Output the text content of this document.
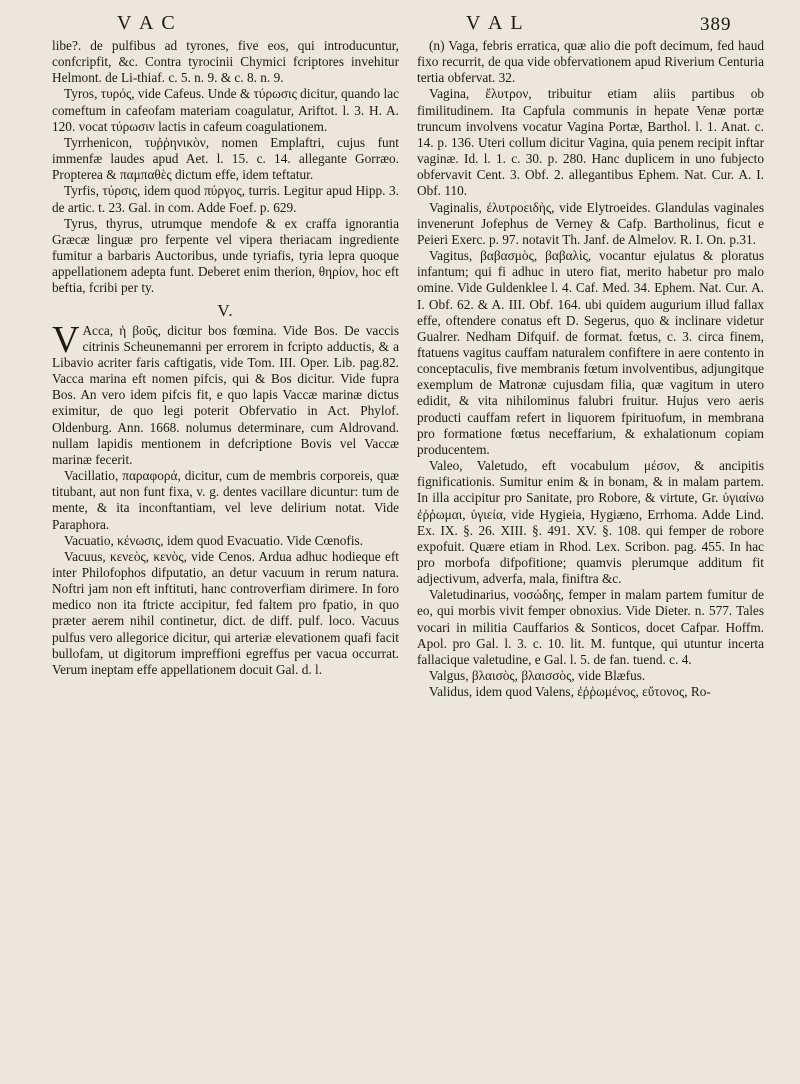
V A C	V A L	389

libe?. de pulfibus ad tyrones, five eos, qui introducuntur, confcripfit, &c. Contra tyrocinii Chymici fcriptores invehitur Helmont. de Li-thiaf. c. 5. n. 9. & c. 8. n. 9.

Tyros, τυρός, vide Cafeus. Unde & τύρωσις dicitur, quando lac comeftum in cafeofam materiam coagulatur, Ariftot. l. 3. H. A. 120. vocat τύρωσιν lactis in cafeum coagulationem.

Tyrrhenicon, τυῤῥηνικὸν, nomen Emplaftri, cujus funt immenfæ laudes apud Aet. l. 15. c. 14. allegante Gorræo. Propterea & παμπαθὲς dictum effe, idem teftatur.

Tyrfis, τύρσις, idem quod πύργος, turris. Legitur apud Hipp. 3. de artic. t. 23. Gal. in com. Adde Foef. p. 629.

Tyrus, thyrus, utrumque mendofe & ex craffa ignorantia Græcæ linguæ pro ferpente vel vipera theriacam ingrediente fumitur a barbaris Auctoribus, unde tyriafis, tyria lepra quoque appellationem adepta funt. Deberet enim therion, θηρίον, hoc eft beftia, fcribi per ty.

V.

V Acca, ἡ βοῦς, dicitur bos fœmina. Vide Bos. De vaccis citrinis Scheunemanni per errorem in fcripto adductis, & a Libavio acriter faris caftigatis, vide Tom. III. Oper. Lib. pag.82. Vacca marina eft nomen pifcis, qui & Bos dicitur. Vide fupra Bos. An vero idem pifcis fit, e quo lapis Vaccæ marinæ dictus eximitur, de quo legi poterit Obfervatio in Act. Phylof. Oldenburg. Ann. 1668. nolumus determinare, cum Aldrovand. nullam lapidis mentionem in defcriptione Bovis vel Vaccæ marinæ fecerit.

Vacillatio, παραφορά, dicitur, cum de membris corporeis, quæ titubant, aut non funt fixa, v. g. dentes vacillare dicuntur: tum de mente, & ita inconftantiam, vel leve delirium notat. Vide Paraphora.

Vacuatio, κένωσις, idem quod Evacuatio. Vide Cœnofis.

Vacuus, κενεὸς, κενὸς, vide Cenos. Ardua adhuc hodieque eft inter Philofophos difputatio, an detur vacuum in rerum natura. Noftri jam non eft inftituti, hanc controverfiam dirimere. In foro medico non ita ftricte accipitur, fed faltem pro fpatio, in quo præter aerem nihil continetur, dict. de diff. pulf. loco. Vacuus pulfus vero allegorice dicitur, qui arteriæ elevationem quafi facit bullofam, ut digitorum impreffioni egreffus per vacua occurrat. Verum ineptam effe appellationem docuit Gal. d. l.

(n) Vaga, febris erratica, quæ alio die poft decimum, fed haud fixo recurrit, de qua vide obfervationem apud Riverium Centuria tertia obfervat. 32.

Vagina, ἔλυτρον, tribuitur etiam aliis partibus ob fimilitudinem. Ita Capfula communis in hepate Venæ portæ truncum involvens vocatur Vagina Portæ, Barthol. l. 1. Anat. c. 14. p. 136. Uteri collum dicitur Vagina, quia penem recipit inftar vaginæ. Id. l. 1. c. 30. p. 280. Hanc duplicem in uno fubjecto obfervavit Cent. 3. Obf. 2. allegantibus Ephem. Nat. Cur. A. I. Obf. 110.

Vaginalis, ἐλυτροειδὴς, vide Elytroeides. Glandulas vaginales invenerunt Jofephus de Verney & Cafp. Bartholinus, ficut e Peieri Exerc. p. 97. notavit Th. Janf. de Almelov. R. I. On. p.31.

Vagitus, βαβασμὸς, βαβαλὶς, vocantur ejulatus & ploratus infantum; qui fi adhuc in utero fiat, merito habetur pro malo omine. Vide Guldenklee l. 4. Caf. Med. 34. Ephem. Nat. Cur. A. I. Obf. 62. & A. III. Obf. 164. ubi quidem augurium illud fallax effe, oftendere conatus eft D. Segerus, quo & inclinare videtur Gualrer. Nedham Difquif. de format. fœtus, c. 3. circa finem, ftatuens vagitus cauffam naturalem confiftere in aere contento in conceptaculis, five membranis fœtum involventibus, adjungitque exemplum de Matronæ cujusdam filia, quæ vagitum in utero edidit, & vita nihilominus falubri fruitur. Hujus vero aeris producti cauffam refert in liquorem fpirituofum, in membrana pro formatione fœtus neceffarium, & exhalationum copiam producentem.

Valeo, Valetudo, eft vocabulum μέσον, & ancipitis fignificationis. Sumitur enim & in bonam, & in malam partem. In illa accipitur pro Sanitate, pro Robore, & virtute, Gr. ὑγιαίνω ἐῤῥωμαι, ὑγιεία, vide Hygieia, Hygiæno, Errhoma. Adde Lind. Ex. IX. §. 26. XIII. §. 491. XV. §. 108. qui femper de robore expofuit. Quære etiam in Rhod. Lex. Scribon. pag. 455. In hac pro morbofa difpofitione; quamvis plerumque additum fit adjectivum, adverfa, mala, finiftra &c.

Valetudinarius, νοσώδης, femper in malam partem fumitur de eo, qui morbis vivit femper obnoxius. Vide Dieter. n. 577. Tales vocari in militia Cauffarios & Sonticos, docet Cafpar. Hoffm. Apol. pro Gal. l. 3. c. 10. lit. M. funtque, qui utuntur incerta fallacique valetudine, e Gal. l. 5. de fan. tuend. c. 4.

Valgus, βλαισὸς, βλαισσὸς, vide Blæfus.

Validus, idem quod Valens, ἐῤῥωμένος, εὔτονος, Ro-
